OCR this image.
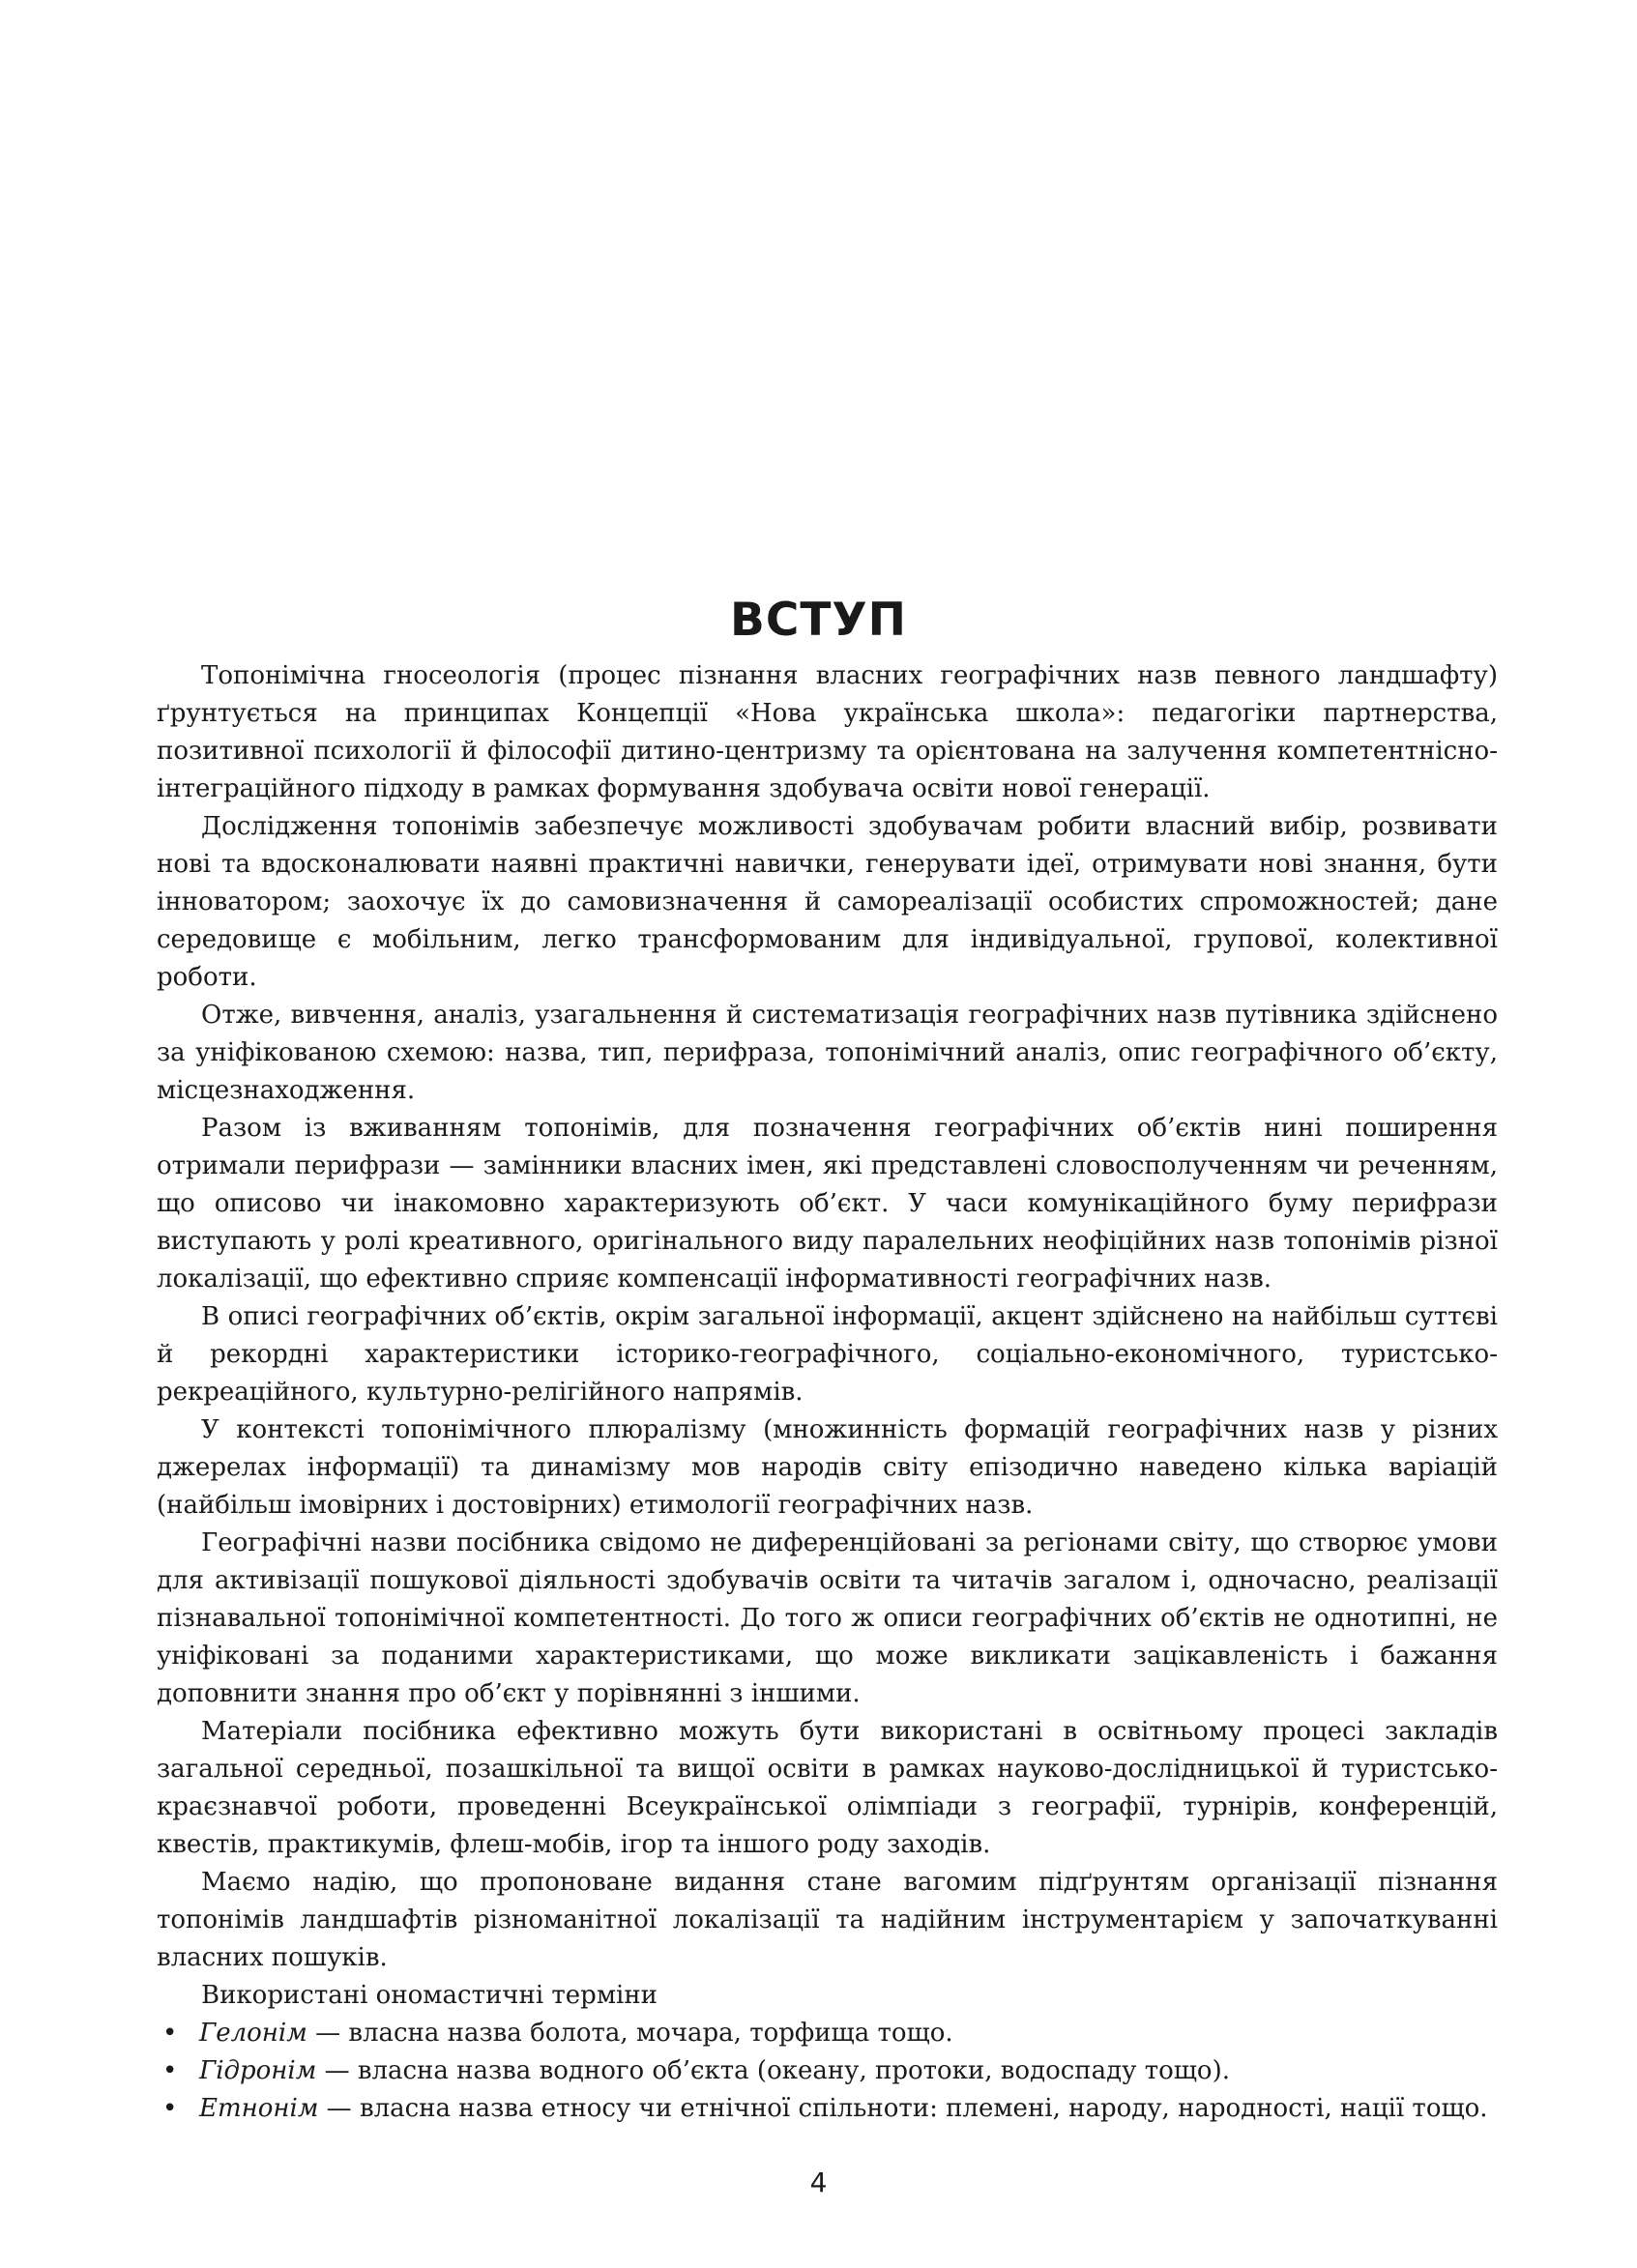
ВСТУП

Топонімічна гносеологія (процес пізнання власних географічних назв певного ландшафту) ґрунтується на принципах Концепції «Нова українська школа»: педагогіки партнерства, позитивної психології й філософії дитино-центризму та орієнтована на залучення компетентнісно-інтеграційного підходу в рамках формування здобувача освіти нової генерації.

Дослідження топонімів забезпечує можливості здобувачам робити власний вибір, розвивати нові та вдосконалювати наявні практичні навички, генерувати ідеї, отримувати нові знання, бути інноватором; заохочує їх до самовизначення й самореалізації особистих спроможностей; дане середовище є мобільним, легко трансформованим для індивідуальної, групової, колективної роботи.

Отже, вивчення, аналіз, узагальнення й систематизація географічних назв путівника здійснено за уніфікованою схемою: назва, тип, перифраза, топонімічний аналіз, опис географічного об’єкту, місцезнаходження.

Разом із вживанням топонімів, для позначення географічних об’єктів нині поширення отримали перифрази — замінники власних імен, які представлені словосполученням чи реченням, що описово чи інакомовно характеризують об’єкт. У часи комунікаційного буму перифрази виступають у ролі креативного, оригінального виду паралельних неофіційних назв топонімів різної локалізації, що ефективно сприяє компенсації інформативності географічних назв.

В описі географічних об’єктів, окрім загальної інформації, акцент здійснено на найбільш суттєві й рекордні характеристики історико-географічного, соціально-економічного, туристсько-рекреаційного, культурно-релігійного напрямів.

У контексті топонімічного плюралізму (множинність формацій географічних назв у різних джерелах інформації) та динамізму мов народів світу епізодично наведено кілька варіацій (найбільш імовірних і достовірних) етимології географічних назв.

Географічні назви посібника свідомо не диференційовані за регіонами світу, що створює умови для активізації пошукової діяльності здобувачів освіти та читачів загалом і, одночасно, реалізації пізнавальної топонімічної компетентності. До того ж описи географічних об’єктів не однотипні, не уніфіковані за поданими характеристиками, що може викликати зацікавленість і бажання доповнити знання про об’єкт у порівнянні з іншими.

Матеріали посібника ефективно можуть бути використані в освітньому процесі закладів загальної середньої, позашкільної та вищої освіти в рамках науково-дослідницької й туристсько-краєзнавчої роботи, проведенні Всеукраїнської олімпіади з географії, турнірів, конференцій, квестів, практикумів, флеш-мобів, ігор та іншого роду заходів.

Маємо надію, що пропоноване видання стане вагомим підґрунтям організації пізнання топонімів ландшафтів різноманітної локалізації та надійним інструментарієм у започаткуванні власних пошуків.

Використані ономастичні терміни

• Гелонім — власна назва болота, мочара, торфища тощо.
• Гідронім — власна назва водного об’єкта (океану, протоки, водоспаду тощо).
• Етнонім — власна назва етносу чи етнічної спільноти: племені, народу, народності, нації тощо.
4
